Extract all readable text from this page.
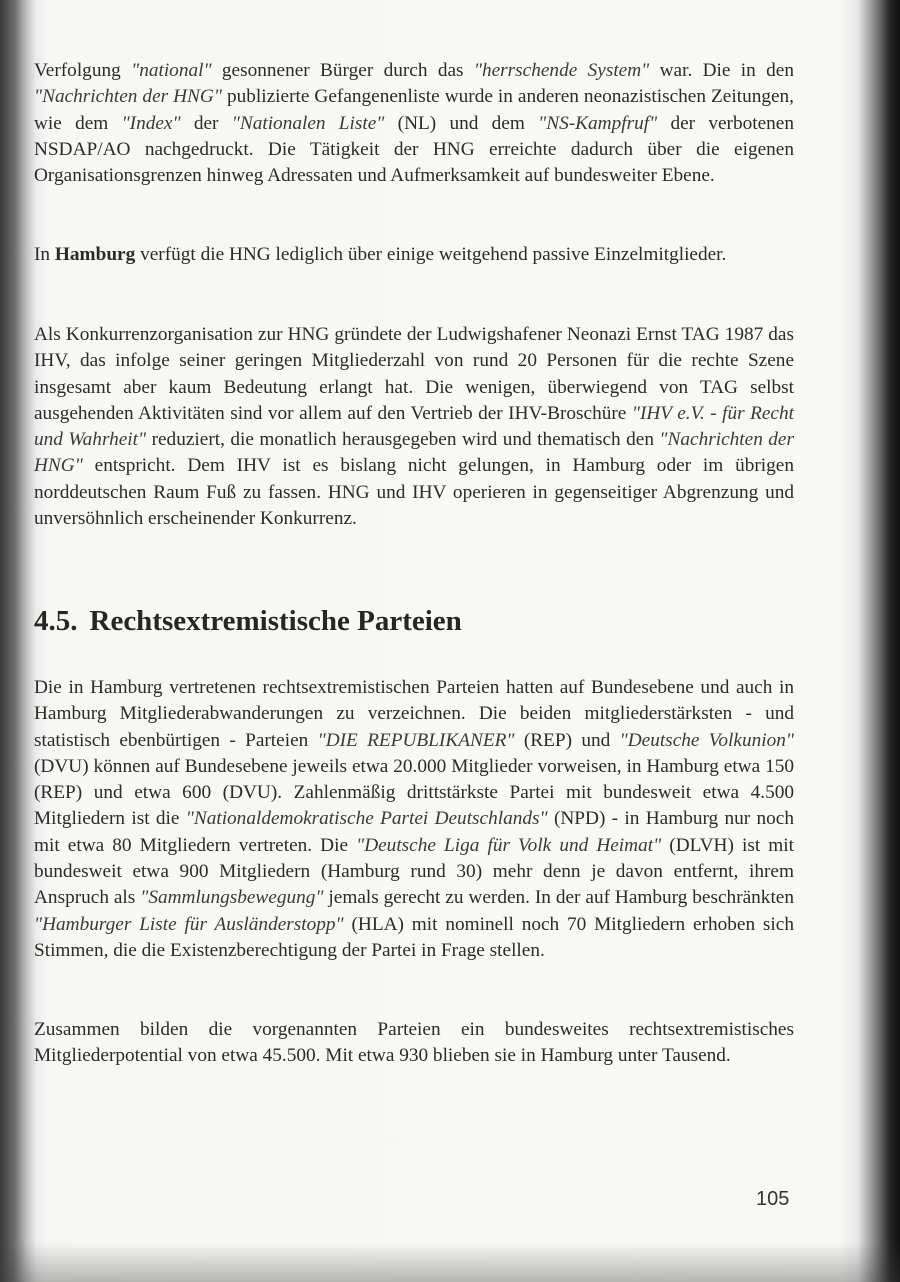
Verfolgung "national" gesonnener Bürger durch das "herrschende System" war. Die in den "Nachrichten der HNG" publizierte Gefangenenliste wurde in anderen neonazistischen Zeitungen, wie dem "Index" der "Nationalen Liste" (NL) und dem "NS-Kampfruf" der verbotenen NSDAP/AO nachgedruckt. Die Tätigkeit der HNG erreichte dadurch über die eigenen Organisationsgrenzen hinweg Adressaten und Aufmerksamkeit auf bundesweiter Ebene.
In Hamburg verfügt die HNG lediglich über einige weitgehend passive Einzelmitglieder.
Als Konkurrenzorganisation zur HNG gründete der Ludwigshafener Neonazi Ernst TAG 1987 das IHV, das infolge seiner geringen Mitgliederzahl von rund 20 Personen für die rechte Szene insgesamt aber kaum Bedeutung erlangt hat. Die wenigen, überwiegend von TAG selbst ausgehenden Aktivitäten sind vor allem auf den Vertrieb der IHV-Broschüre "IHV e.V. - für Recht und Wahrheit" reduziert, die monatlich herausgegeben wird und thematisch den "Nachrichten der HNG" entspricht. Dem IHV ist es bislang nicht gelungen, in Hamburg oder im übrigen norddeutschen Raum Fuß zu fassen. HNG und IHV operieren in gegenseitiger Abgrenzung und unversöhnlich erscheinender Konkurrenz.
4.5. Rechtsextremistische Parteien
Die in Hamburg vertretenen rechtsextremistischen Parteien hatten auf Bundesebene und auch in Hamburg Mitgliederabwanderungen zu verzeichnen. Die beiden mitgliederstärksten - und statistisch ebenbürtigen - Parteien "DIE REPUBLIKANER" (REP) und "Deutsche Volkunion" (DVU) können auf Bundesebene jeweils etwa 20.000 Mitglieder vorweisen, in Hamburg etwa 150 (REP) und etwa 600 (DVU). Zahlenmäßig drittstärkste Partei mit bundesweit etwa 4.500 Mitgliedern ist die "Nationaldemokratische Partei Deutschlands" (NPD) - in Hamburg nur noch mit etwa 80 Mitgliedern vertreten. Die "Deutsche Liga für Volk und Heimat" (DLVH) ist mit bundesweit etwa 900 Mitgliedern (Hamburg rund 30) mehr denn je davon entfernt, ihrem Anspruch als "Sammlungsbewegung" jemals gerecht zu werden. In der auf Hamburg beschränkten "Hamburger Liste für Ausländerstopp" (HLA) mit nominell noch 70 Mitgliedern erhoben sich Stimmen, die die Existenzberechtigung der Partei in Frage stellen.
Zusammen bilden die vorgenannten Parteien ein bundesweites rechtsextremistisches Mitgliederpotential von etwa 45.500. Mit etwa 930 blieben sie in Hamburg unter Tausend.
105
